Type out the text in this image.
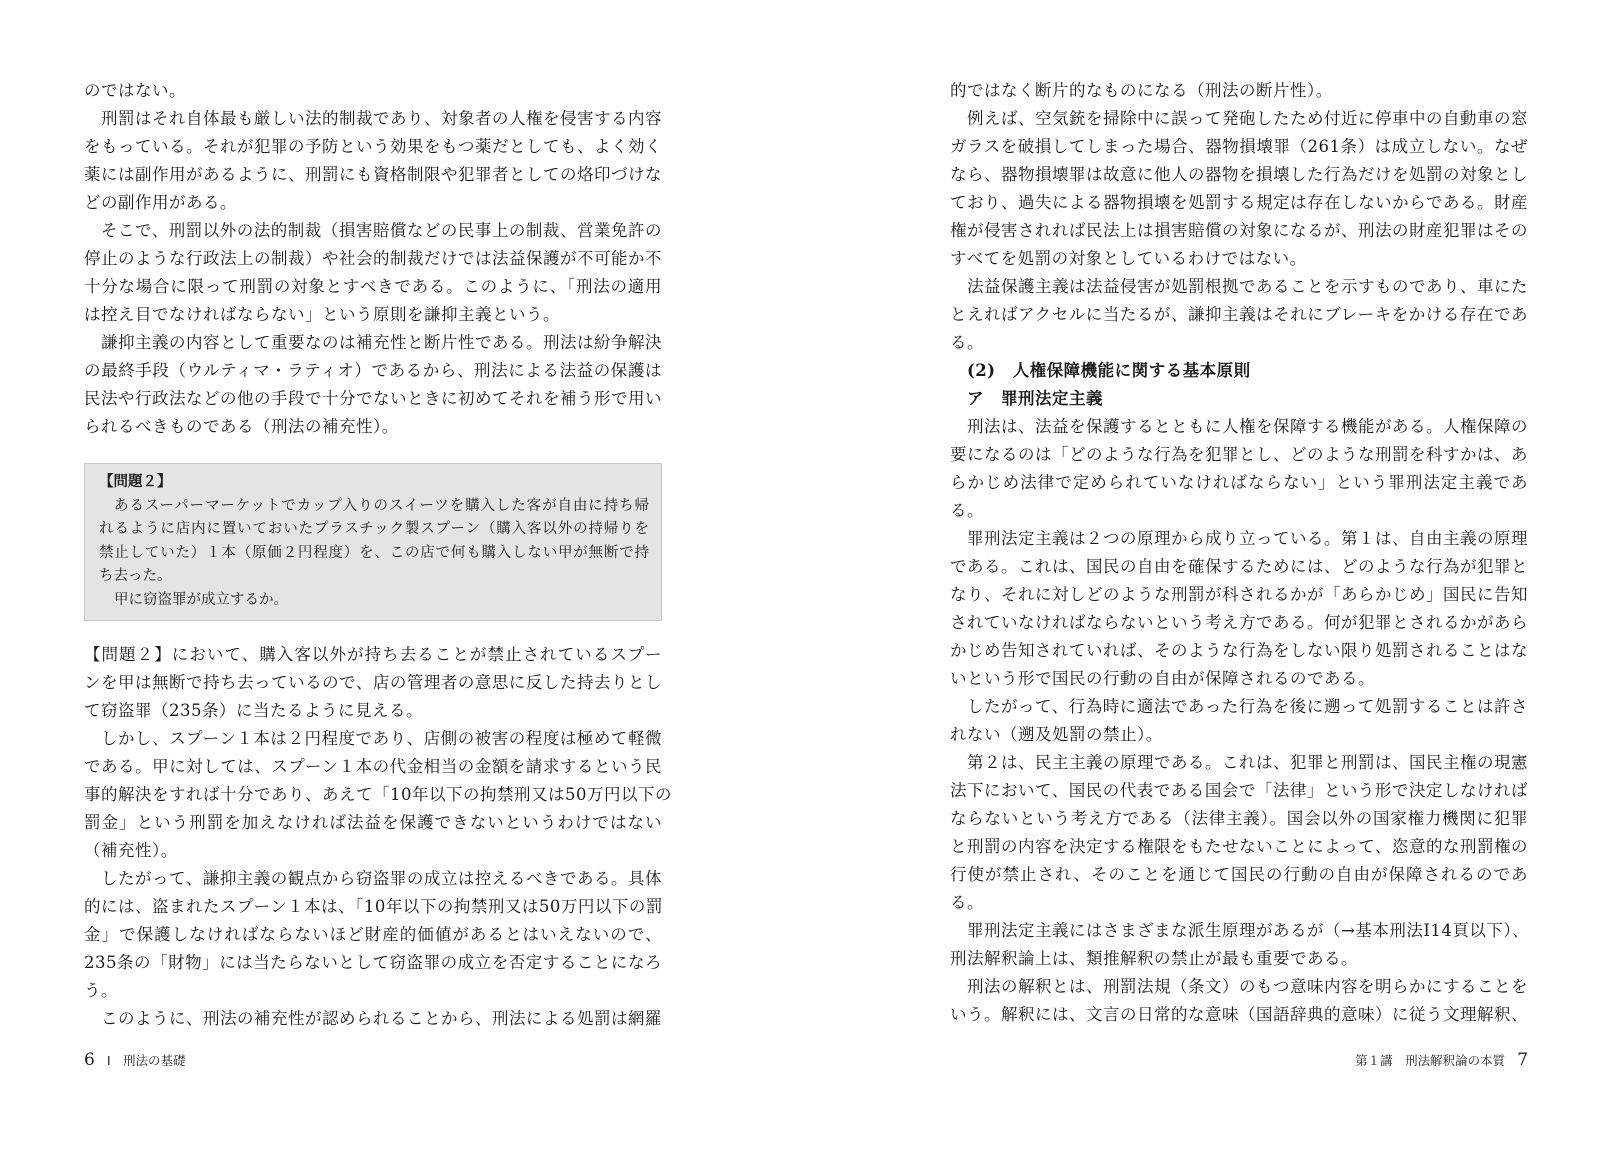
のではない。
刑罰はそれ自体最も厳しい法的制裁であり、対象者の人権を侵害する内容
をもっている。それが犯罪の予防という効果をもつ薬だとしても、よく効く
薬には副作用があるように、刑罰にも資格制限や犯罪者としての烙印づけな
どの副作用がある。
そこで、刑罰以外の法的制裁（損害賠償などの民事上の制裁、営業免許の
停止のような行政法上の制裁）や社会的制裁だけでは法益保護が不可能か不
十分な場合に限って刑罰の対象とすべきである。このように、「刑法の適用
は控え目でなければならない」という原則を謙抑主義という。
謙抑主義の内容として重要なのは補充性と断片性である。刑法は紛争解決
の最終手段（ウルティマ・ラティオ）であるから、刑法による法益の保護は
民法や行政法などの他の手段で十分でないときに初めてそれを補う形で用い
られるべきものである（刑法の補充性）。
【問題２】
あるスーパーマーケットでカップ入りのスイーツを購入した客が自由に持ち帰
れるように店内に置いておいたプラスチック製スプーン（購入客以外の持帰りを
禁止していた）１本（原価２円程度）を、この店で何も購入しない甲が無断で持
ち去った。
甲に窃盗罪が成立するか。
【問題２】において、購入客以外が持ち去ることが禁止されているスプー
ンを甲は無断で持ち去っているので、店の管理者の意思に反した持去りとし
て窃盗罪（235条）に当たるように見える。
しかし、スプーン１本は２円程度であり、店側の被害の程度は極めて軽微
である。甲に対しては、スプーン１本の代金相当の金額を請求するという民
事的解決をすれば十分であり、あえて「10年以下の拘禁刑又は50万円以下の
罰金」という刑罰を加えなければ法益を保護できないというわけではない
（補充性）。
したがって、謙抑主義の観点から窃盗罪の成立は控えるべきである。具体
的には、盗まれたスプーン１本は、「10年以下の拘禁刑又は50万円以下の罰
金」で保護しなければならないほど財産的価値があるとはいえないので、
235条の「財物」には当たらないとして窃盗罪の成立を否定することになろ
う。
このように、刑法の補充性が認められることから、刑法による処罰は網羅
6 Ⅰ　刑法の基礎
的ではなく断片的なものになる（刑法の断片性）。
例えば、空気銃を掃除中に誤って発砲したため付近に停車中の自動車の窓
ガラスを破損してしまった場合、器物損壊罪（261条）は成立しない。なぜ
なら、器物損壊罪は故意に他人の器物を損壊した行為だけを処罰の対象とし
ており、過失による器物損壊を処罰する規定は存在しないからである。財産
権が侵害されれば民法上は損害賠償の対象になるが、刑法の財産犯罪はその
すべてを処罰の対象としているわけではない。
法益保護主義は法益侵害が処罰根拠であることを示すものであり、車にた
とえればアクセルに当たるが、謙抑主義はそれにブレーキをかける存在であ
る。
(2)　人権保障機能に関する基本原則
ア　罪刑法定主義
刑法は、法益を保護するとともに人権を保障する機能がある。人権保障の
要になるのは「どのような行為を犯罪とし、どのような刑罰を科すかは、あ
らかじめ法律で定められていなければならない」という罪刑法定主義であ
る。
罪刑法定主義は２つの原理から成り立っている。第１は、自由主義の原理
である。これは、国民の自由を確保するためには、どのような行為が犯罪と
なり、それに対しどのような刑罰が科されるかが「あらかじめ」国民に告知
されていなければならないという考え方である。何が犯罪とされるかがあら
かじめ告知されていれば、そのような行為をしない限り処罰されることはな
いという形で国民の行動の自由が保障されるのである。
したがって、行為時に適法であった行為を後に遡って処罰することは許さ
れない（遡及処罰の禁止）。
第２は、民主主義の原理である。これは、犯罪と刑罰は、国民主権の現憲
法下において、国民の代表である国会で「法律」という形で決定しなければ
ならないという考え方である（法律主義）。国会以外の国家権力機関に犯罪
と刑罰の内容を決定する権限をもたせないことによって、恣意的な刑罰権の
行使が禁止され、そのことを通じて国民の行動の自由が保障されるのであ
る。
罪刑法定主義にはさまざまな派生原理があるが（→基本刑法Ⅰ14頁以下）、
刑法解釈論上は、類推解釈の禁止が最も重要である。
刑法の解釈とは、刑罰法規（条文）のもつ意味内容を明らかにすることを
いう。解釈には、文言の日常的な意味（国語辞典的意味）に従う文理解釈、
第１講　刑法解釈論の本質 7
